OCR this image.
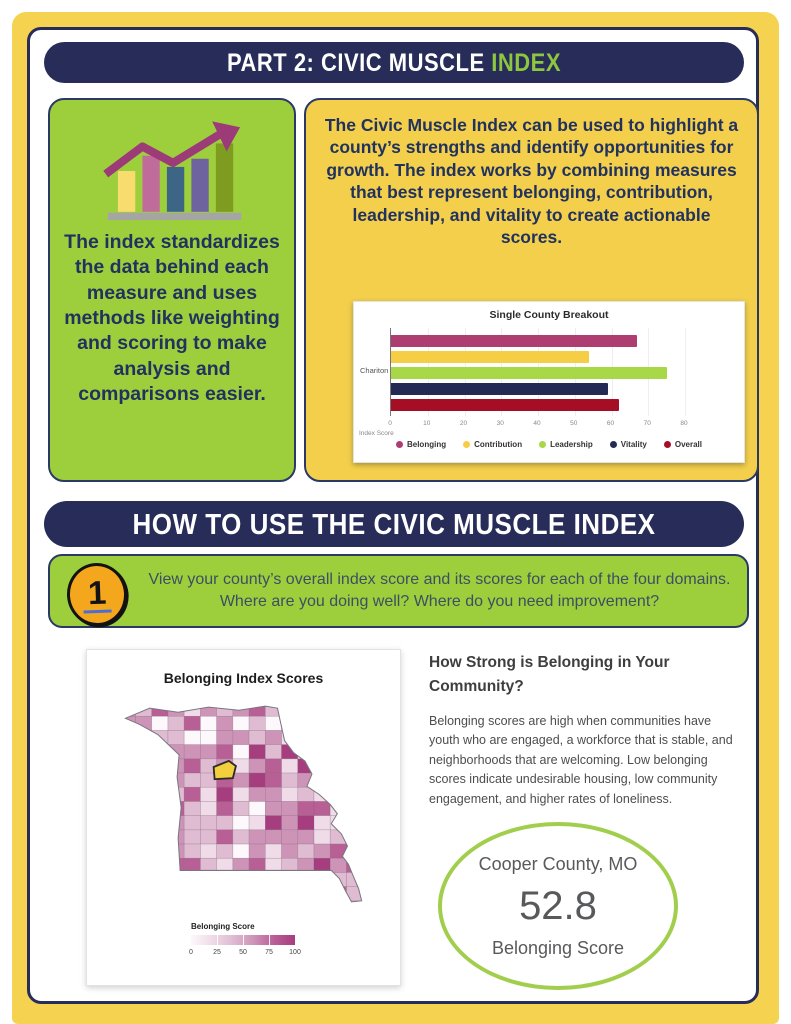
PART 2: CIVIC MUSCLE INDEX
The index standardizes the data behind each measure and uses methods like weighting and scoring to make analysis and comparisons easier.
The Civic Muscle Index can be used to highlight a county’s strengths and identify opportunities for growth. The index works by combining measures that best represent belonging, contribution, leadership, and vitality to create actionable scores.
Single County Breakout
Chariton
0	10	20	30	40	50	60	70	80
Index Score
Belonging	Contribution	Leadership	Vitality	Overall
HOW TO USE THE CIVIC MUSCLE INDEX
1	View your county’s overall index score and its scores for each of the four domains. Where are you doing well? Where do you need improvement?
Belonging Index Scores
Belonging Score
0	25	50	75 100
How Strong is Belonging in Your Community?
Belonging scores are high when communities have youth who are engaged, a workforce that is stable, and neighborhoods that are welcoming. Low belonging scores indicate undesirable housing, low community engagement, and higher rates of loneliness.
Cooper County, MO
52.8
Belonging Score
